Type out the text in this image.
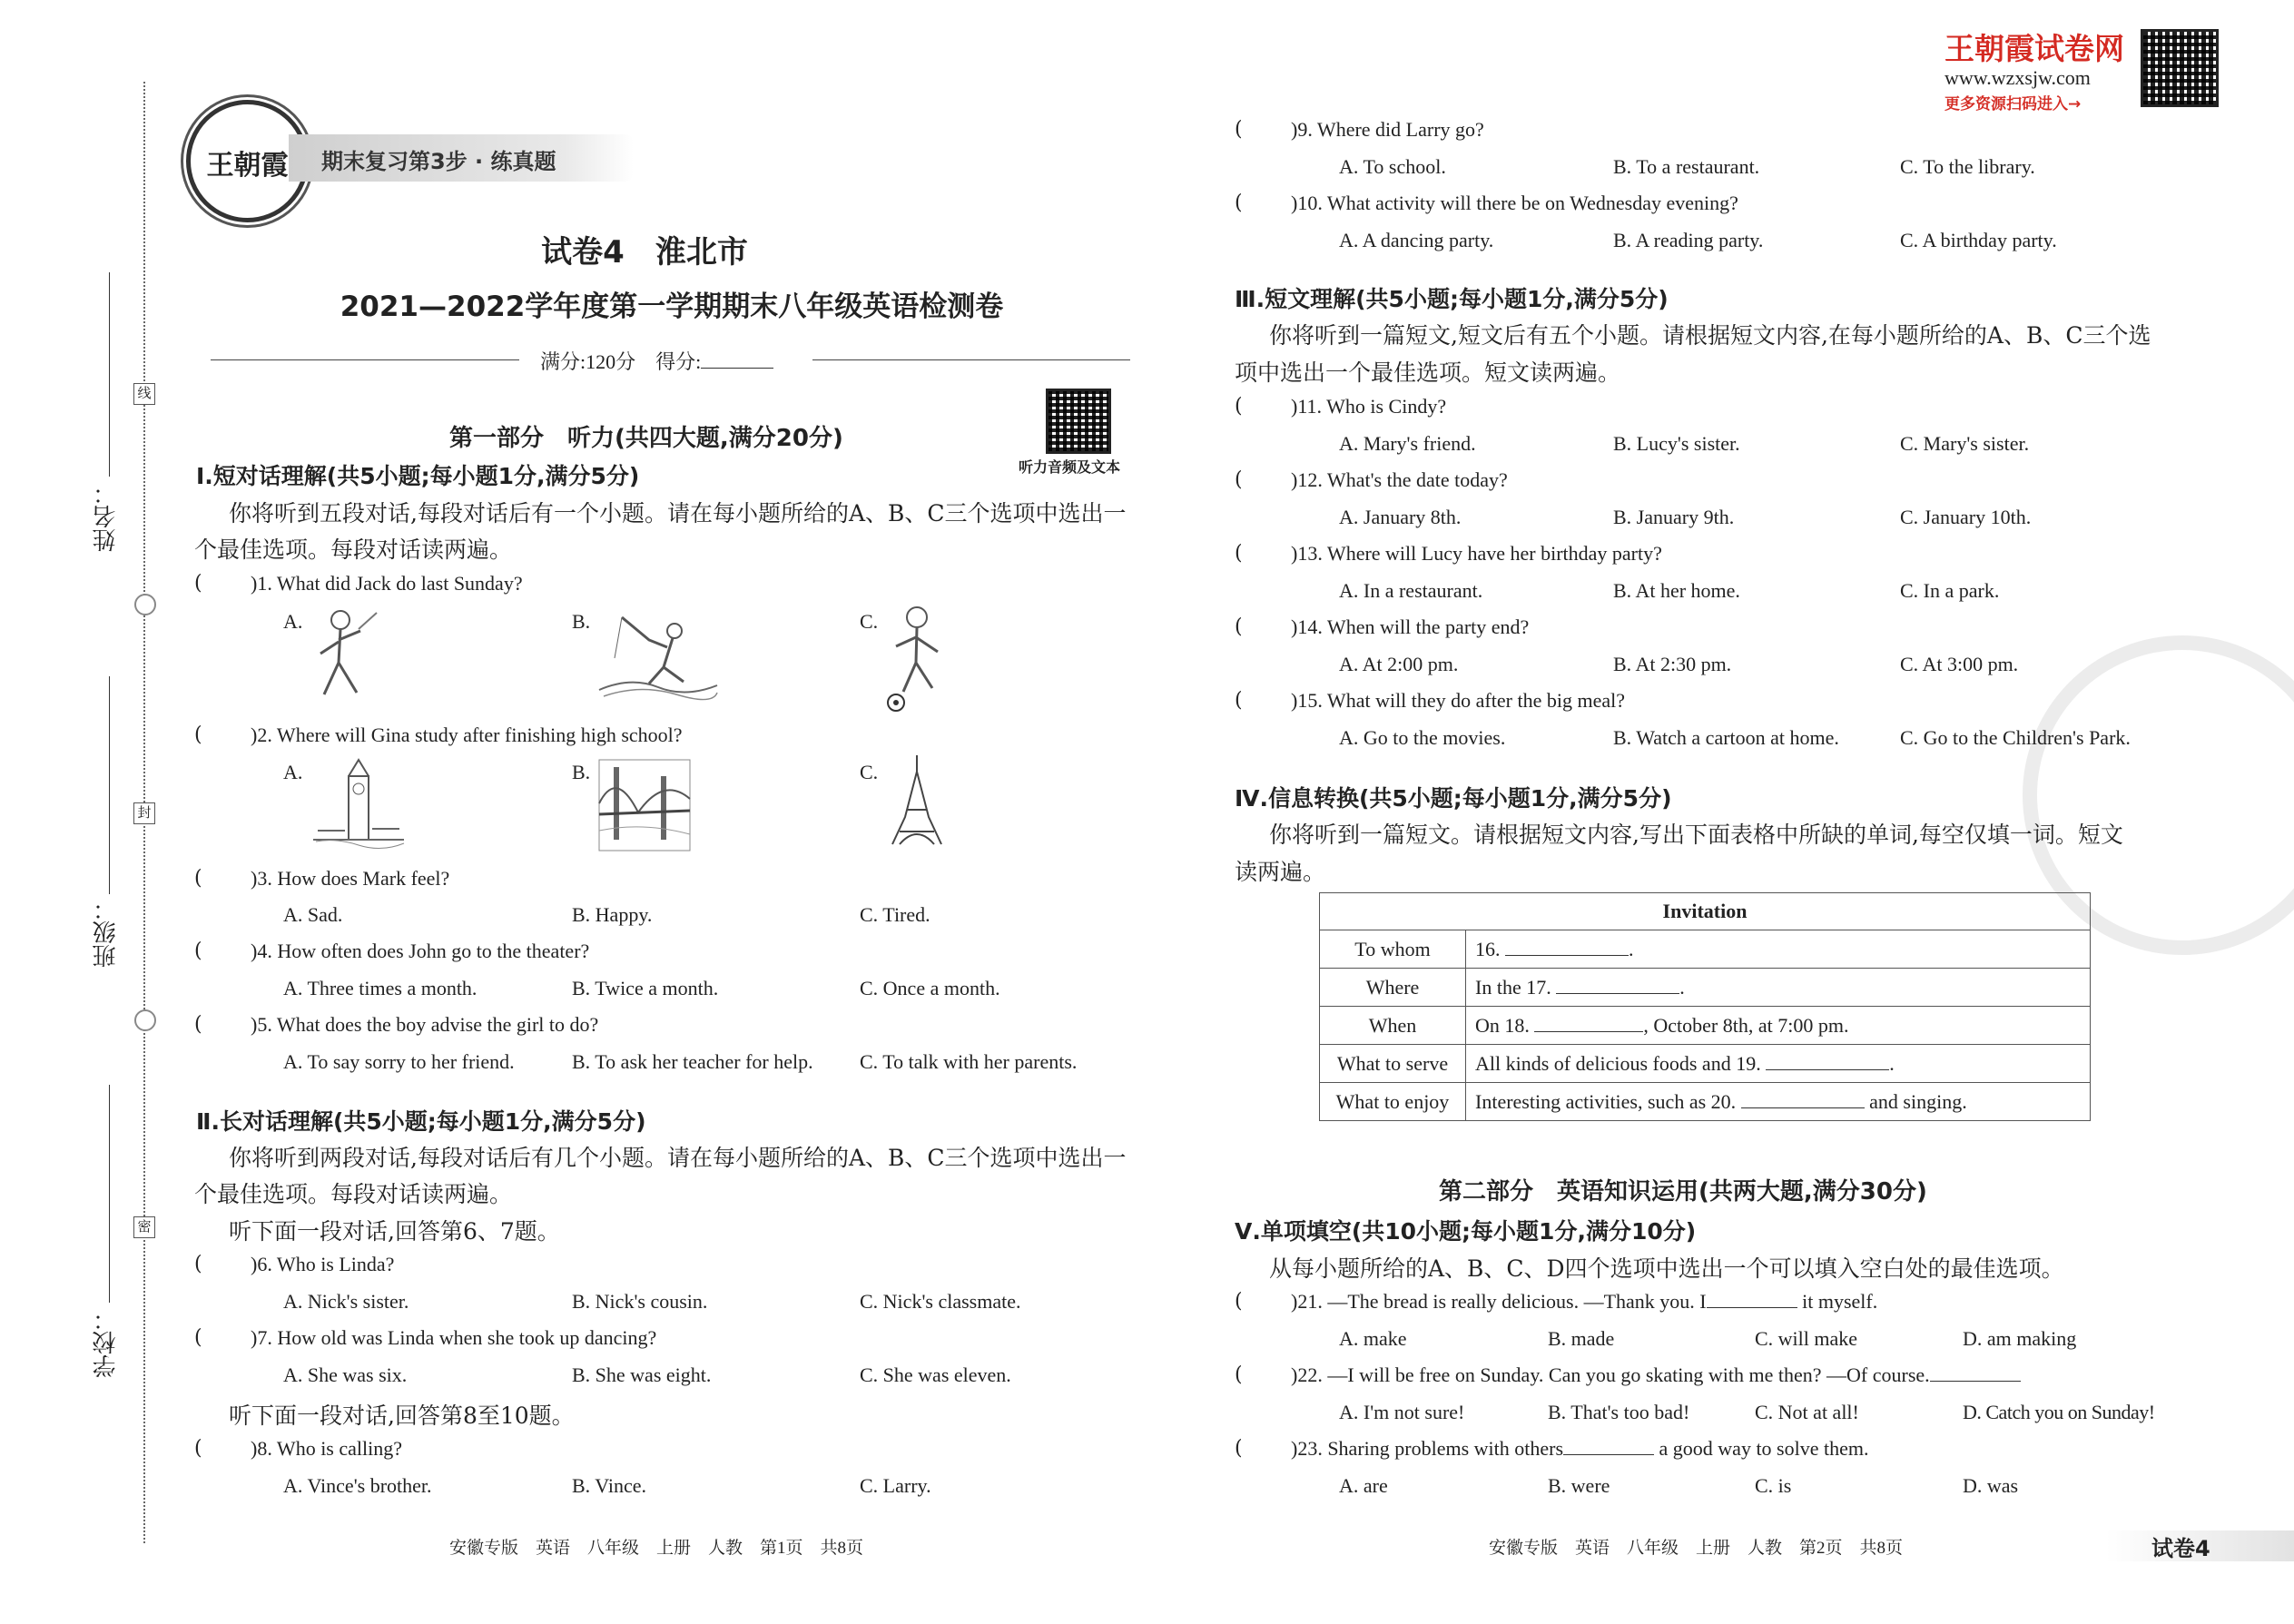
线
封
密
姓名：
班级：
学校：
王朝霞	期末复习第3步 · 练真题
试卷4　淮北市
2021—2022学年度第一学期期末八年级英语检测卷
满分:120分　得分:
第一部分　听力(共四大题,满分20分)
听力音频及文本
Ⅰ.短对话理解(共5小题;每小题1分,满分5分)
你将听到五段对话,每段对话后有一个小题。请在每小题所给的A、B、C三个选项中选出一
个最佳选项。每段对话读两遍。
( )1. What did Jack do last Sunday?
A.	B.	C.
( )2. Where will Gina study after finishing high school?
A.	B.	C.
( )3. How does Mark feel?
A. Sad.	B. Happy.	C. Tired.
( )4. How often does John go to the theater?
A. Three times a month.	B. Twice a month.	C. Once a month.
( )5. What does the boy advise the girl to do?
A. To say sorry to her friend.	B. To ask her teacher for help. C. To talk with her parents.
Ⅱ.长对话理解(共5小题;每小题1分,满分5分)
你将听到两段对话,每段对话后有几个小题。请在每小题所给的A、B、C三个选项中选出一
个最佳选项。每段对话读两遍。
听下面一段对话,回答第6、7题。
( )6. Who is Linda?
A. Nick's sister.	B. Nick's cousin.	C. Nick's classmate.
( )7. How old was Linda when she took up dancing?
A. She was six.	B. She was eight.	C. She was eleven.
听下面一段对话,回答第8至10题。
( )8. Who is calling?
A. Vince's brother.	B. Vince.	C. Larry.
安徽专版　英语　八年级　上册　人教　第1页　共8页
王朝霞试卷网
www.wzxsjw.com
更多资源扫码进入→
( )9. Where did Larry go?
A. To school.	B. To a restaurant.	C. To the library.
( )10. What activity will there be on Wednesday evening?
A. A dancing party.	B. A reading party.	C. A birthday party.
Ⅲ.短文理解(共5小题;每小题1分,满分5分)
你将听到一篇短文,短文后有五个小题。请根据短文内容,在每小题所给的A、B、C三个选
项中选出一个最佳选项。短文读两遍。
( )11. Who is Cindy?
A. Mary's friend.	B. Lucy's sister.	C. Mary's sister.
( )12. What's the date today?
A. January 8th.	B. January 9th.	C. January 10th.
( )13. Where will Lucy have her birthday party?
A. In a restaurant.	B. At her home.	C. In a park.
( )14. When will the party end?
A. At 2:00 pm.	B. At 2:30 pm.	C. At 3:00 pm.
( )15. What will they do after the big meal?
A. Go to the movies.	B. Watch a cartoon at home.	C. Go to the Children's Park.
Ⅳ.信息转换(共5小题;每小题1分,满分5分)
你将听到一篇短文。请根据短文内容,写出下面表格中所缺的单词,每空仅填一词。短文
读两遍。
Invitation	
To whom	16. .
Where	In the 17. .
When	On 18. , October 8th, at 7:00 pm.
What to serve	All kinds of delicious foods and 19. .
What to enjoy	Interesting activities, such as 20. and singing.
第二部分　英语知识运用(共两大题,满分30分)
Ⅴ.单项填空(共10小题;每小题1分,满分10分)
从每小题所给的A、B、C、D四个选项中选出一个可以填入空白处的最佳选项。
( )21. —The bread is really delicious. —Thank you. I	it myself.
A. make	B. made	C. will make	D. am making
( )22. —I will be free on Sunday. Can you go skating with me then? —Of course.
A. I'm not sure!	B. That's too bad!	C. Not at all!	D. Catch you on Sunday!
( )23. Sharing problems with others	a good way to solve them.
A. are	B. were	C. is	D. was
安徽专版　英语　八年级　上册　人教　第2页　共8页	试卷4
